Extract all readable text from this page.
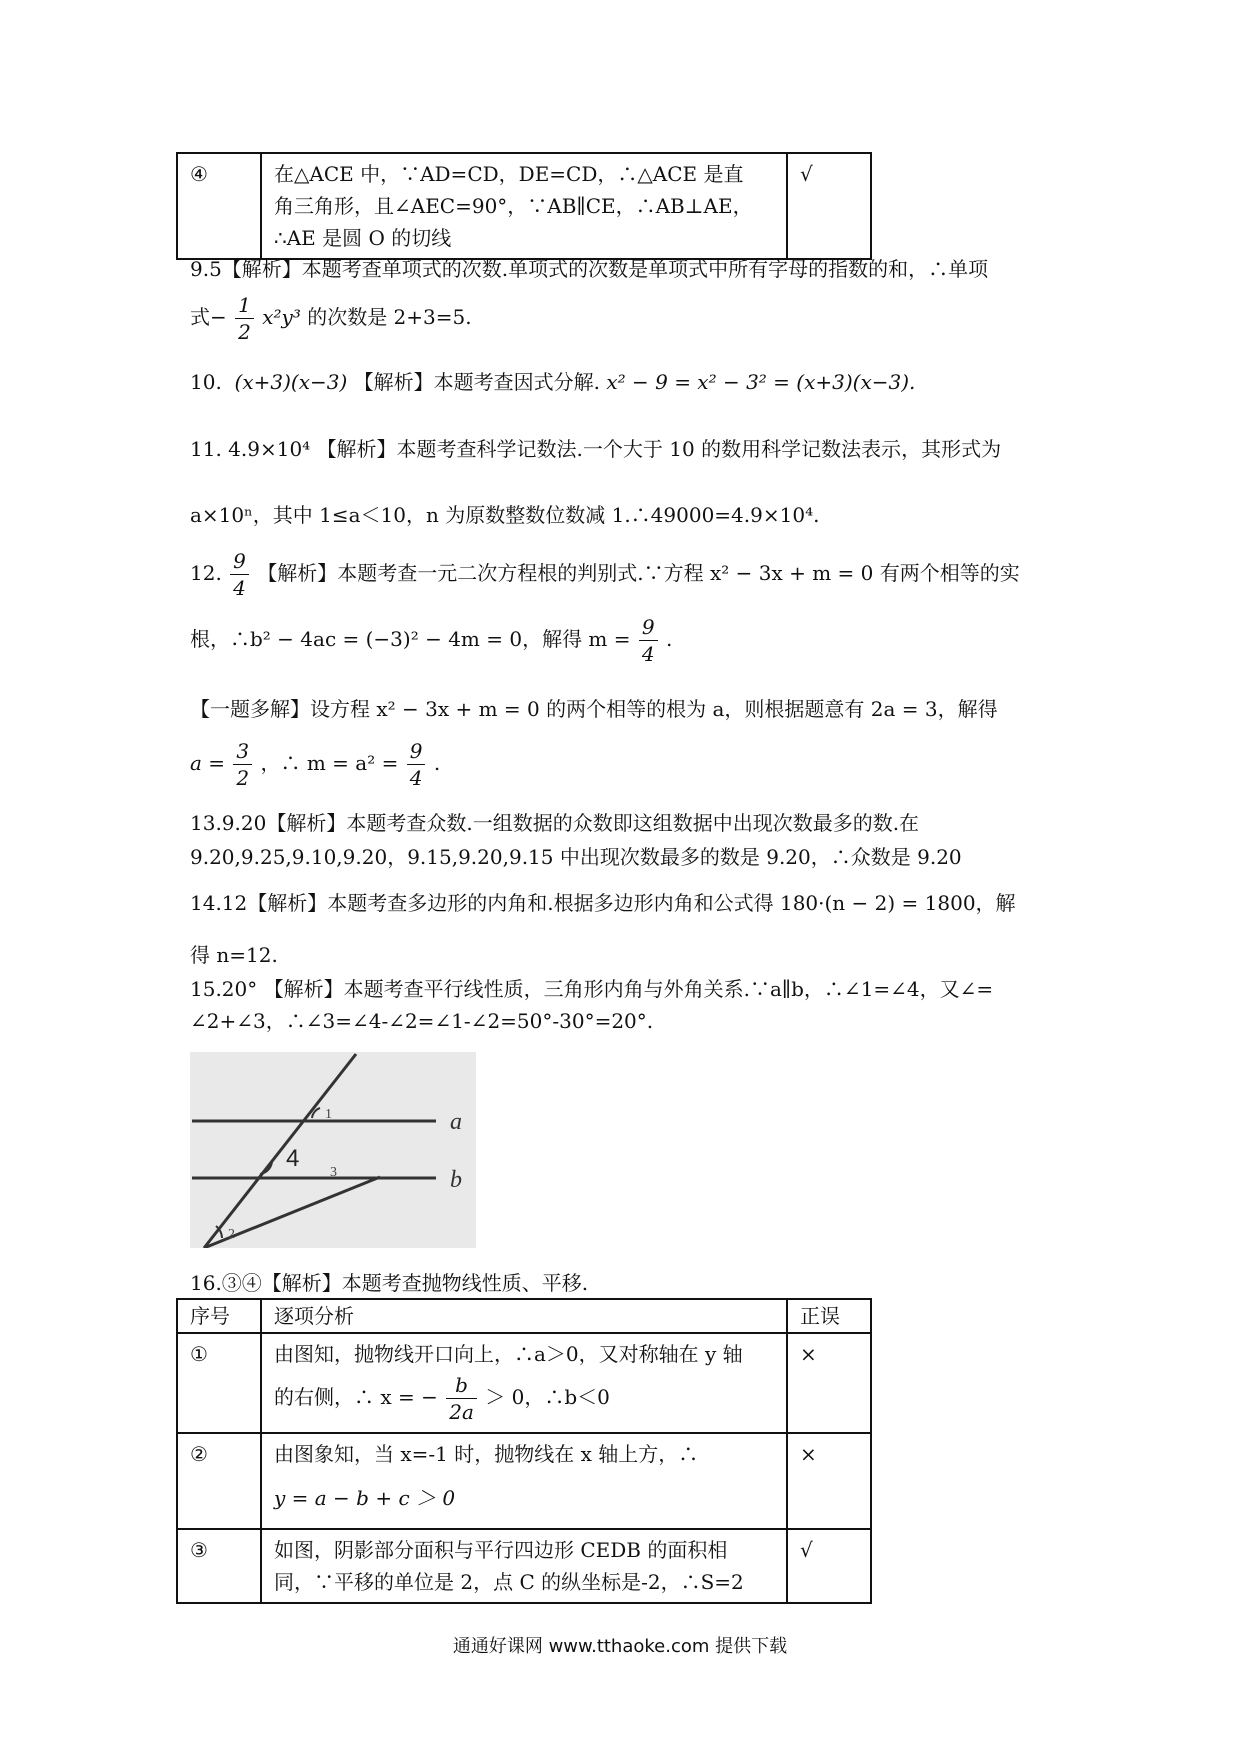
④	在△ACE 中，∵AD=CD，DE=CD，∴△ACE 是直
角三角形，且∠AEC=90°，∵AB∥CE，∴AB⊥AE，
∴AE 是圆 O 的切线
	√
9.5【解析】本题考查单项式的次数.单项式的次数是单项式中所有字母的指数的和，∴单项
式− $\frac{1}{2} x^2y^3$ 的次数是 2+3=5.
10.  (x+3)(x−3) 【解析】本题考查因式分解. x² − 9 = x² − 3² = (x+3)(x−3).
11. 4.9×10⁴ 【解析】本题考查科学记数法.一个大于 10 的数用科学记数法表示，其形式为
a×10ⁿ，其中 1≤a＜10，n 为原数整数位数减 1.∴49000=4.9×10⁴.
12. $\frac{9}{4}$ 【解析】本题考查一元二次方程根的判别式.∵方程 x² − 3x + m = 0 有两个相等的实
根，∴b² − 4ac = (−3)² − 4m = 0，解得 $m = \frac{9}{4}$ .
【一题多解】设方程 x² − 3x + m = 0 的两个相等的根为 a，则根据题意有 2a = 3，解得
$a = \frac{3}{2}$ ，∴ $m = a^2 = \frac{9}{4}$ .
13.9.20【解析】本题考查众数.一组数据的众数即这组数据中出现次数最多的数.在
9.20,9.25,9.10,9.20，9.15,9.20,9.15 中出现次数最多的数是 9.20，∴众数是 9.20
14.12【解析】本题考查多边形的内角和.根据多边形内角和公式得 180·(n − 2) = 1800，解
得 n=12.
15.20° 【解析】本题考查平行线性质，三角形内角与外角关系.∵a∥b，∴∠1=∠4，又∠=
∠2+∠3，∴∠3=∠4-∠2=∠1-∠2=50°-30°=20°.
a
b
4
1
3
2
16.③④【解析】本题考查抛物线性质、平移.
序号	逐项分析	正误
①	由图知，抛物线开口向上，∴a＞0，又对称轴在 y 轴
的右侧，∴ x = − $\frac{b}{2a} > 0$，∴b＜0	×
②	由图象知，当 x=-1 时，抛物线在 x 轴上方，∴
y = a − b + c ＞ 0	×
③	如图，阴影部分面积与平行四边形 CEDB 的面积相
同，∵平移的单位是 2，点 C 的纵坐标是-2，∴S=2	√
通通好课网 www.tthaoke.com 提供下载
